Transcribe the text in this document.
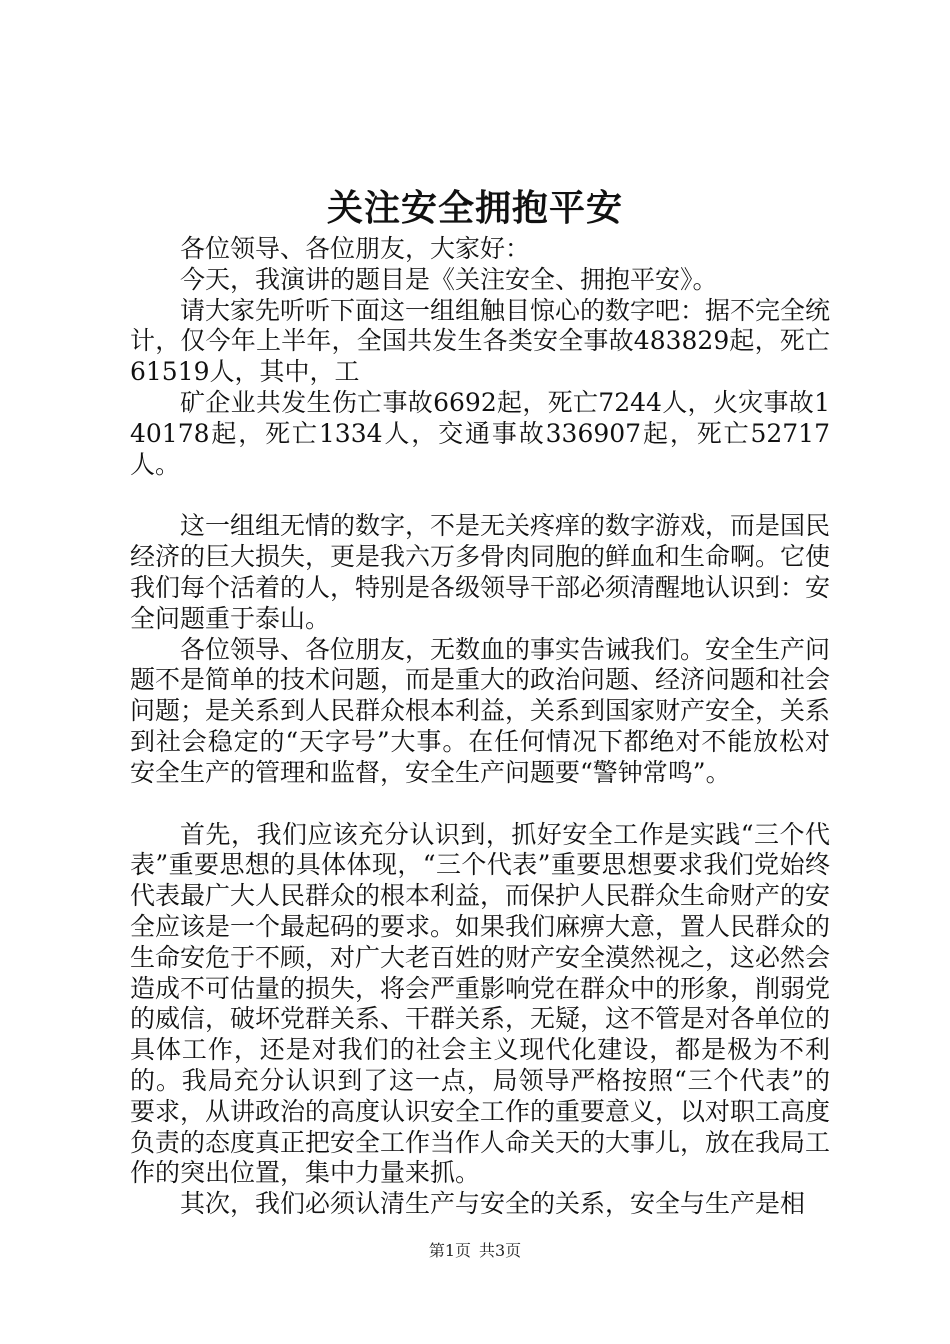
关注安全拥抱平安

各位领导、各位朋友，大家好：

今天，我演讲的题目是《关注安全、拥抱平安》。

请大家先听听下面这一组组触目惊心的数字吧：据不完全统计，仅今年上半年，全国共发生各类安全事故483829起，死亡61519人，其中，工

矿企业共发生伤亡事故6692起，死亡7244人，火灾事故140178起，死亡1334人，交通事故336907起，死亡52717人。

这一组组无情的数字，不是无关疼痒的数字游戏，而是国民经济的巨大损失，更是我六万多骨肉同胞的鲜血和生命啊。它使我们每个活着的人，特别是各级领导干部必须清醒地认识到：安全问题重于泰山。

各位领导、各位朋友，无数血的事实告诫我们。安全生产问题不是简单的技术问题，而是重大的政治问题、经济问题和社会问题；是关系到人民群众根本利益，关系到国家财产安全，关系到社会稳定的“天字号”大事。在任何情况下都绝对不能放松对安全生产的管理和监督，安全生产问题要“警钟常鸣”。

首先，我们应该充分认识到，抓好安全工作是实践“三个代表”重要思想的具体体现，“三个代表”重要思想要求我们党始终代表最广大人民群众的根本利益，而保护人民群众生命财产的安全应该是一个最起码的要求。如果我们麻痹大意，置人民群众的生命安危于不顾，对广大老百姓的财产安全漠然视之，这必然会造成不可估量的损失，将会严重影响党在群众中的形象，削弱党的威信，破坏党群关系、干群关系，无疑，这不管是对各单位的具体工作，还是对我们的社会主义现代化建设，都是极为不利的。我局充分认识到了这一点，局领导严格按照“三个代表”的要求，从讲政治的高度认识安全工作的重要意义，以对职工高度负责的态度真正把安全工作当作人命关天的大事儿，放在我局工作的突出位置，集中力量来抓。

其次，我们必须认清生产与安全的关系，安全与生产是相

第1页 共3页
